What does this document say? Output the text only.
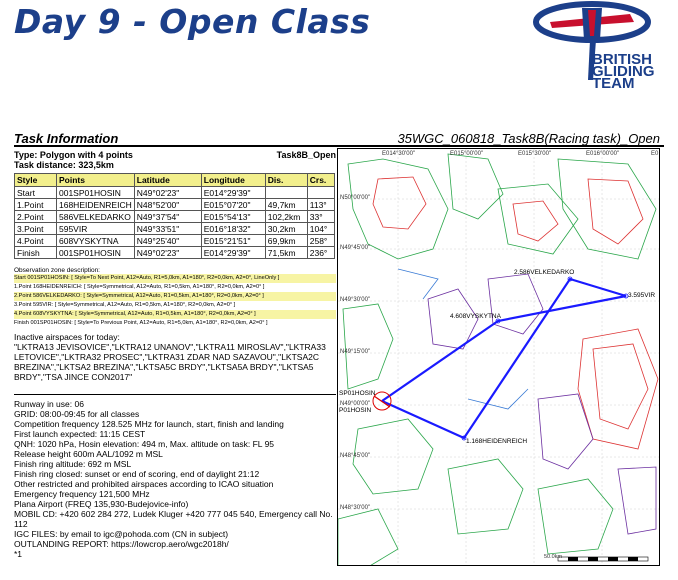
Day 9 - Open Class
BRITISH
GLIDING
TEAM
Task Information	35WGC_060818_Task8B(Racing task)_Open
Type: Polygon with 4 points	Task8B_Open
Task distance: 323,5km
Style	Points	Latitude	Longitude	Dis.	Crs.
Start	001SP01HOSIN	N49°02'23"	E014°29'39"		
1.Point	168HEIDENREICH	N48°52'00"	E015°07'20"	49,7km	113°
2.Point	586VELKEDARKO	N49°37'54"	E015°54'13"	102,2km	33°
3.Point	595VIR	N49°33'51"	E016°18'32"	30,2km	104°
4.Point	608VYSKYTNA	N49°25'40"	E015°21'51"	69,9km	258°
Finish	001SP01HOSIN	N49°02'23"	E014°29'39"	71,5km	236°
Observation zone description:
Start 001SP01HOSIN: [ Style=To Next Point, A12=Auto, R1=5,0km, A1=180°, R2=0,0km, A2=0°, LineOnly ]
1.Point 168HEIDENREICH: [ Style=Symmetrical, A12=Auto, R1=0,5km, A1=180°, R2=0,0km, A2=0° ]
2.Point 586VELKEDARKO: [ Style=Symmetrical, A12=Auto, R1=0,5km, A1=180°, R2=0,0km, A2=0° ]
3.Point 595VIR: [ Style=Symmetrical, A12=Auto, R1=0,5km, A1=180°, R2=0,0km, A2=0° ]
4.Point 608VYSKYTNA: [ Style=Symmetrical, A12=Auto, R1=0,5km, A1=180°, R2=0,0km, A2=0° ]
Finish 001SP01HOSIN: [ Style=To Previous Point, A12=Auto, R1=5,0km, A1=180°, R2=0,0km, A2=0° ]
Inactive airspaces for today:
"LKTRA13 JEVISOVICE","LKTRA12 UNANOV","LKTRA11 MIROSLAV","LKTRA33 LETOVICE","LKTRA32 PROSEC","LKTRA31 ZDAR NAD SAZAVOU","LKTSA2C BREZINA","LKTSA2 BREZINA","LKTSA5C BRDY","LKTSA5A BRDY","LKTSA5 BRDY","TSA JINCE CON2017"
Runway in use: 06
GRID: 08:00-09:45 for all classes
Competition frequency 128.525 MHz for launch, start, finish and landing
First launch expected: 11:15 CEST
QNH: 1020 hPa, Hosin elevation: 494 m, Max. altitude on task: FL 95
Release height 600m AAL/1092 m MSL
Finish ring altitude: 692 m MSL
Finish ring closed: sunset or end of scoring, end of daylight 21:12
Other restricted and prohibited airspaces according to ICAO situation
Emergency frequency 121,500 MHz
Plana Airport (FREQ 135,930-Budejovice-info)
MOBIL CD: +420 602 284 272, Ludek Kluger +420 777 045 540, Emergency call No. 112
IGC FILES: by email to igc@pohoda.com (CN in subject)
OUTLANDING REPORT: https://lowcrop.aero/wgc2018h/
*1
E014°30'00"	E015°00'00"	E015°30'00"	E016°00'00"	E0
N50°00'00"
N49°45'00"
N49°30'00"
N49°15'00"
N49°00'00"
N48°45'00"
N48°30'00"
2.586VELKEDARKO
3.595VIR
4.608VYSKYTNA
1.168HEIDENREICH
SP01HOSIN
P01HOSIN
50.0km
